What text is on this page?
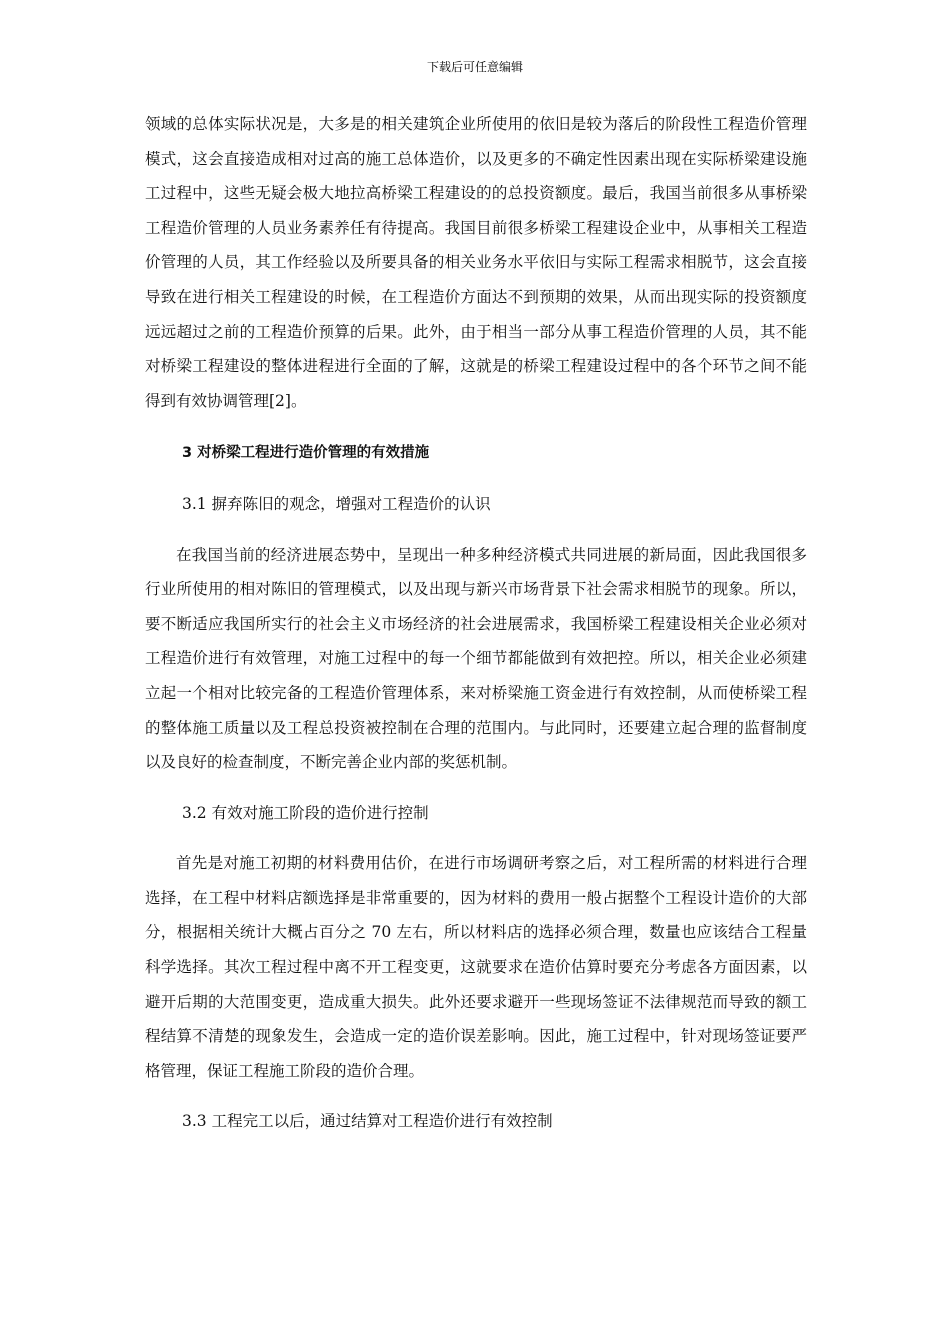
下载后可任意编辑

领域的总体实际状况是，大多是的相关建筑企业所使用的依旧是较为落后的阶段性工程造价管理模式，这会直接造成相对过高的施工总体造价，以及更多的不确定性因素出现在实际桥梁建设施工过程中，这些无疑会极大地拉高桥梁工程建设的的总投资额度。最后，我国当前很多从事桥梁工程造价管理的人员业务素养任有待提高。我国目前很多桥梁工程建设企业中，从事相关工程造价管理的人员，其工作经验以及所要具备的相关业务水平依旧与实际工程需求相脱节，这会直接导致在进行相关工程建设的时候，在工程造价方面达不到预期的效果，从而出现实际的投资额度远远超过之前的工程造价预算的后果。此外，由于相当一部分从事工程造价管理的人员，其不能对桥梁工程建设的整体进程进行全面的了解，这就是的桥梁工程建设过程中的各个环节之间不能得到有效协调管理[2]。

3 对桥梁工程进行造价管理的有效措施

3.1 摒弃陈旧的观念，增强对工程造价的认识

在我国当前的经济进展态势中，呈现出一种多种经济模式共同进展的新局面，因此我国很多行业所使用的相对陈旧的管理模式，以及出现与新兴市场背景下社会需求相脱节的现象。所以，要不断适应我国所实行的社会主义市场经济的社会进展需求，我国桥梁工程建设相关企业必须对工程造价进行有效管理，对施工过程中的每一个细节都能做到有效把控。所以，相关企业必须建立起一个相对比较完备的工程造价管理体系，来对桥梁施工资金进行有效控制，从而使桥梁工程的整体施工质量以及工程总投资被控制在合理的范围内。与此同时，还要建立起合理的监督制度以及良好的检查制度，不断完善企业内部的奖惩机制。

3.2 有效对施工阶段的造价进行控制

首先是对施工初期的材料费用估价，在进行市场调研考察之后，对工程所需的材料进行合理选择，在工程中材料店额选择是非常重要的，因为材料的费用一般占据整个工程设计造价的大部分，根据相关统计大概占百分之 70 左右，所以材料店的选择必须合理，数量也应该结合工程量科学选择。其次工程过程中离不开工程变更，这就要求在造价估算时要充分考虑各方面因素，以避开后期的大范围变更，造成重大损失。此外还要求避开一些现场签证不法律规范而导致的额工程结算不清楚的现象发生，会造成一定的造价误差影响。因此，施工过程中，针对现场签证要严格管理，保证工程施工阶段的造价合理。

3.3 工程完工以后，通过结算对工程造价进行有效控制
